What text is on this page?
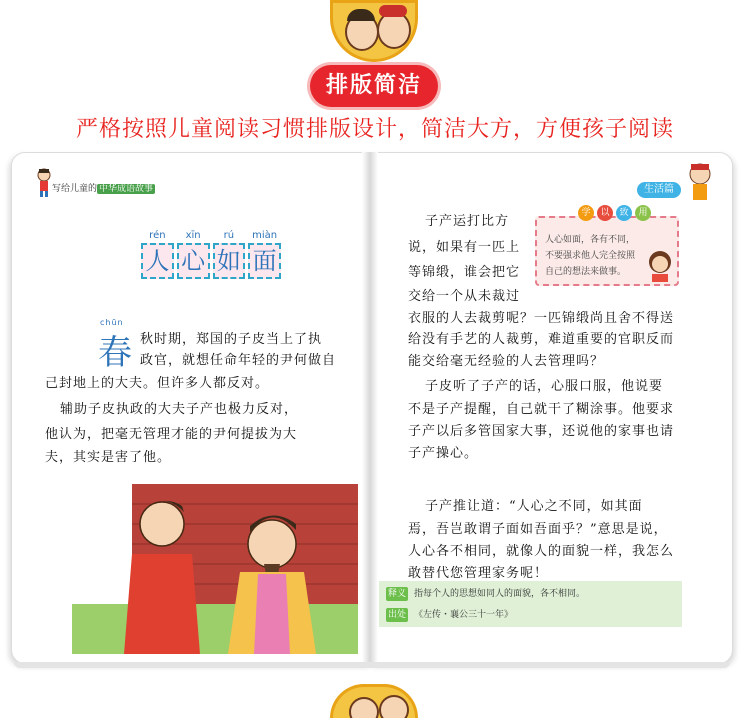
排版简洁
严格按照儿童阅读习惯排版设计，简洁大方，方便孩子阅读
写给儿童的 中华成语故事
rén	xīn	rú	miàn
人 心 如 面
chūn
春 秋时期，郑国的子皮当上了执
政官，就想任命年轻的尹何做自
己封地上的大夫。但许多人都反对。
辅助子皮执政的大夫子产也极力反对，
他认为，把毫无管理才能的尹何提拔为大
夫，其实是害了他。
生活篇
学	以	致	用
人心如面，各有不同，不要强求他人完全按照自己的想法来做事。
子产运打比方
说，如果有一匹上
等锦缎，谁会把它
交给一个从未裁过
衣服的人去裁剪呢？一匹锦缎尚且舍不得送
给没有手艺的人裁剪，难道重要的官职反而
能交给毫无经验的人去管理吗？
子皮听了子产的话，心服口服，他说要
不是子产提醒，自己就干了糊涂事。他要求
子产以后多管国家大事，还说他的家事也请
子产操心。
子产推让道：“人心之不同，如其面
焉，吾岂敢谓子面如吾面乎？”意思是说，
人心各不相同，就像人的面貌一样，我怎么
敢替代您管理家务呢！
释义 指每个人的思想如同人的面貌，各不相同。
出处 《左传・襄公三十一年》
